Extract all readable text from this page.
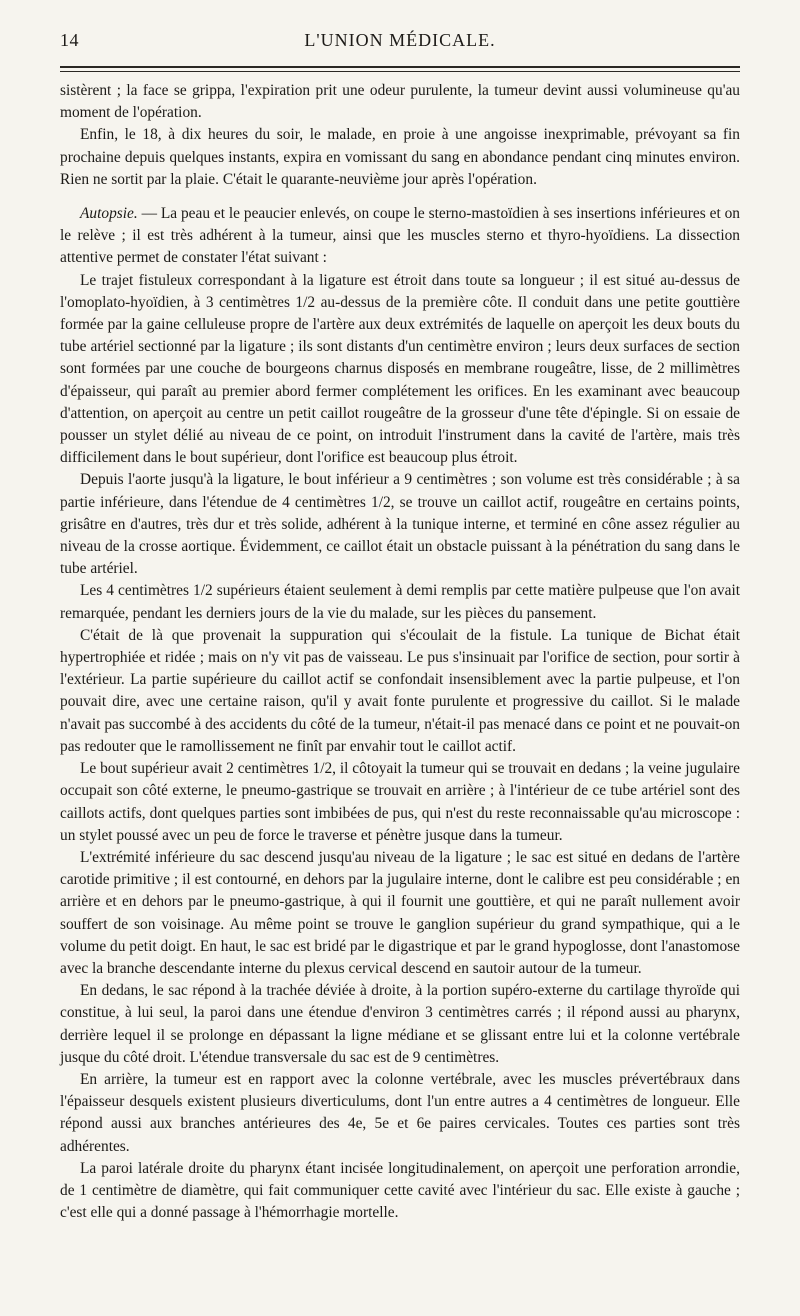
14	L'UNION MÉDICALE.

sistèrent ; la face se grippa, l'expiration prit une odeur purulente, la tumeur devint aussi volumineuse qu'au moment de l'opération.

Enfin, le 18, à dix heures du soir, le malade, en proie à une angoisse inexprimable, prévoyant sa fin prochaine depuis quelques instants, expira en vomissant du sang en abondance pendant cinq minutes environ. Rien ne sortit par la plaie. C'était le quarante-neuvième jour après l'opération.

Autopsie. — La peau et le peaucier enlevés, on coupe le sterno-mastoïdien à ses insertions inférieures et on le relève ; il est très adhérent à la tumeur, ainsi que les muscles sterno et thyro-hyoïdiens. La dissection attentive permet de constater l'état suivant :

Le trajet fistuleux correspondant à la ligature est étroit dans toute sa longueur ; il est situé au-dessus de l'omoplato-hyoïdien, à 3 centimètres 1/2 au-dessus de la première côte. Il conduit dans une petite gouttière formée par la gaine celluleuse propre de l'artère aux deux extrémités de laquelle on aperçoit les deux bouts du tube artériel sectionné par la ligature ; ils sont distants d'un centimètre environ ; leurs deux surfaces de section sont formées par une couche de bourgeons charnus disposés en membrane rougeâtre, lisse, de 2 millimètres d'épaisseur, qui paraît au premier abord fermer complétement les orifices. En les examinant avec beaucoup d'attention, on aperçoit au centre un petit caillot rougeâtre de la grosseur d'une tête d'épingle. Si on essaie de pousser un stylet délié au niveau de ce point, on introduit l'instrument dans la cavité de l'artère, mais très difficilement dans le bout supérieur, dont l'orifice est beaucoup plus étroit.

Depuis l'aorte jusqu'à la ligature, le bout inférieur a 9 centimètres ; son volume est très considérable ; à sa partie inférieure, dans l'étendue de 4 centimètres 1/2, se trouve un caillot actif, rougeâtre en certains points, grisâtre en d'autres, très dur et très solide, adhérent à la tunique interne, et terminé en cône assez régulier au niveau de la crosse aortique. Évidemment, ce caillot était un obstacle puissant à la pénétration du sang dans le tube artériel.

Les 4 centimètres 1/2 supérieurs étaient seulement à demi remplis par cette matière pulpeuse que l'on avait remarquée, pendant les derniers jours de la vie du malade, sur les pièces du pansement.

C'était de là que provenait la suppuration qui s'écoulait de la fistule. La tunique de Bichat était hypertrophiée et ridée ; mais on n'y vit pas de vaisseau. Le pus s'insinuait par l'orifice de section, pour sortir à l'extérieur. La partie supérieure du caillot actif se confondait insensiblement avec la partie pulpeuse, et l'on pouvait dire, avec une certaine raison, qu'il y avait fonte purulente et progressive du caillot. Si le malade n'avait pas succombé à des accidents du côté de la tumeur, n'était-il pas menacé dans ce point et ne pouvait-on pas redouter que le ramollissement ne finît par envahir tout le caillot actif.

Le bout supérieur avait 2 centimètres 1/2, il côtoyait la tumeur qui se trouvait en dedans ; la veine jugulaire occupait son côté externe, le pneumo-gastrique se trouvait en arrière ; à l'intérieur de ce tube artériel sont des caillots actifs, dont quelques parties sont imbibées de pus, qui n'est du reste reconnaissable qu'au microscope : un stylet poussé avec un peu de force le traverse et pénètre jusque dans la tumeur.

L'extrémité inférieure du sac descend jusqu'au niveau de la ligature ; le sac est situé en dedans de l'artère carotide primitive ; il est contourné, en dehors par la jugulaire interne, dont le calibre est peu considérable ; en arrière et en dehors par le pneumo-gastrique, à qui il fournit une gouttière, et qui ne paraît nullement avoir souffert de son voisinage. Au même point se trouve le ganglion supérieur du grand sympathique, qui a le volume du petit doigt. En haut, le sac est bridé par le digastrique et par le grand hypoglosse, dont l'anastomose avec la branche descendante interne du plexus cervical descend en sautoir autour de la tumeur.

En dedans, le sac répond à la trachée déviée à droite, à la portion supéro-externe du cartilage thyroïde qui constitue, à lui seul, la paroi dans une étendue d'environ 3 centimètres carrés ; il répond aussi au pharynx, derrière lequel il se prolonge en dépassant la ligne médiane et se glissant entre lui et la colonne vertébrale jusque du côté droit. L'étendue transversale du sac est de 9 centimètres.

En arrière, la tumeur est en rapport avec la colonne vertébrale, avec les muscles prévertébraux dans l'épaisseur desquels existent plusieurs diverticulums, dont l'un entre autres a 4 centimètres de longueur. Elle répond aussi aux branches antérieures des 4e, 5e et 6e paires cervicales. Toutes ces parties sont très adhérentes.

La paroi latérale droite du pharynx étant incisée longitudinalement, on aperçoit une perforation arrondie, de 1 centimètre de diamètre, qui fait communiquer cette cavité avec l'intérieur du sac. Elle existe à gauche ; c'est elle qui a donné passage à l'hémorrhagie mortelle.
